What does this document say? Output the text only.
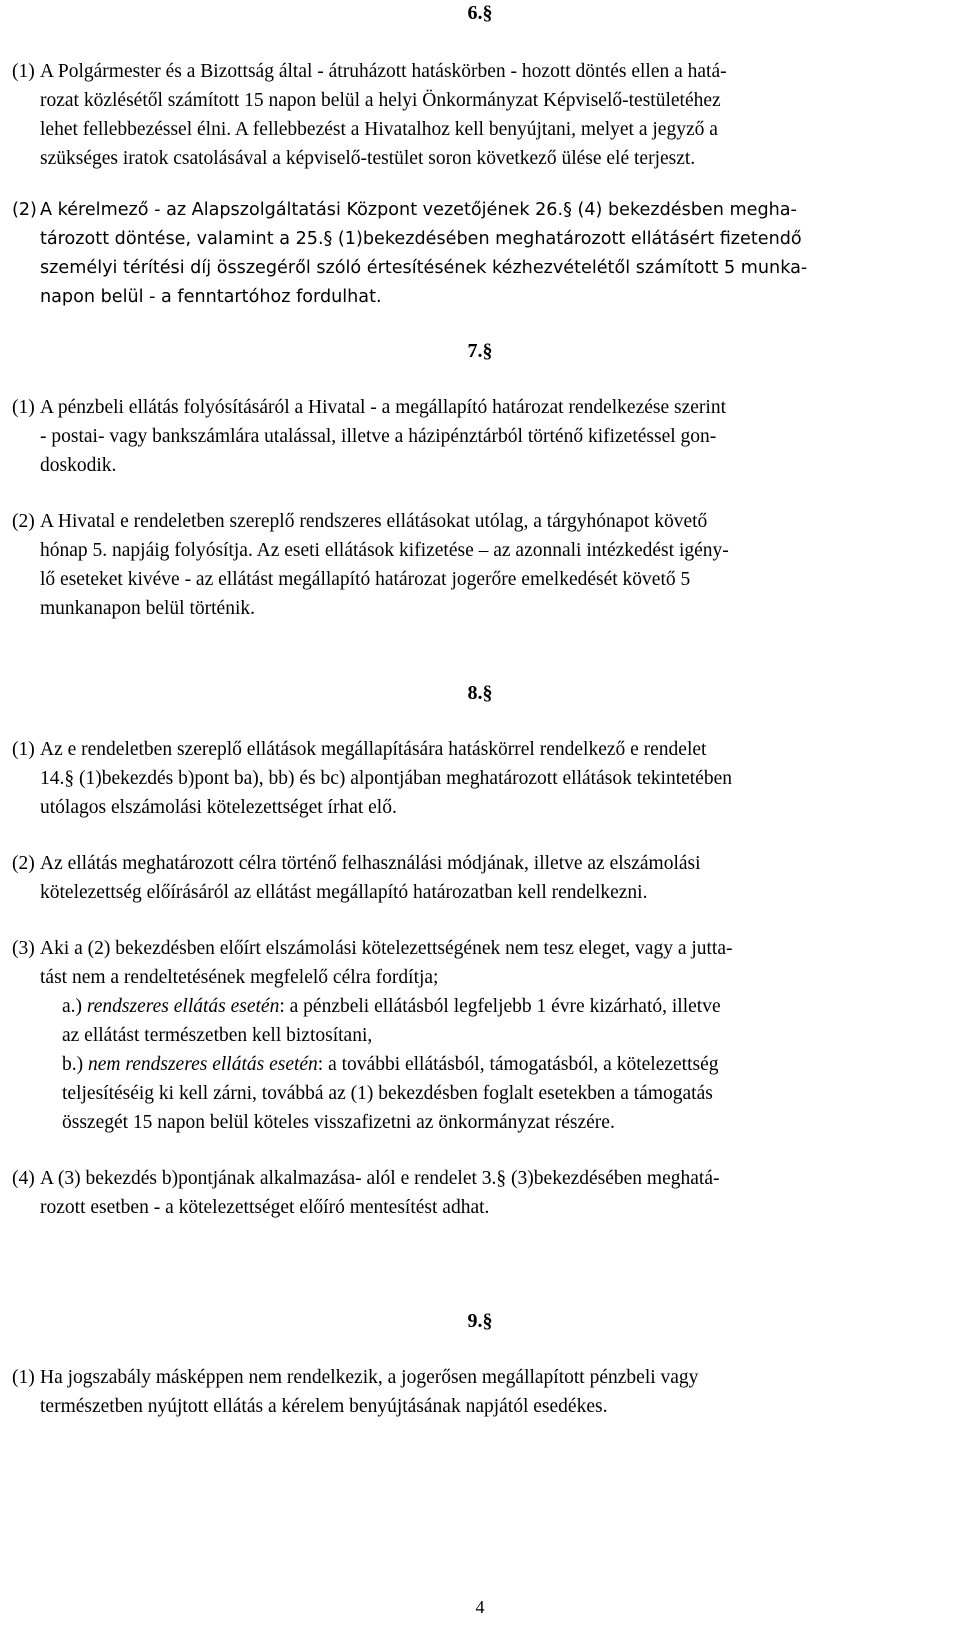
6.§
(1) A Polgármester és a Bizottság által - átruházott hatáskörben - hozott döntés ellen a hatá-
rozat közlésétől számított 15 napon belül a helyi Önkormányzat Képviselő-testületéhez
lehet fellebbezéssel élni. A fellebbezést a Hivatalhoz kell benyújtani, melyet a jegyző a
szükséges iratok csatolásával a képviselő-testület soron következő ülése elé terjeszt.
(2) A kérelmező - az Alapszolgáltatási Központ vezetőjének 26.§ (4) bekezdésben megha-
tározott döntése, valamint a 25.§ (1)bekezdésében meghatározott ellátásért fizetendő
személyi térítési díj összegéről szóló értesítésének kézhezvételétől számított 5 munka-
napon belül - a fenntartóhoz fordulhat.
7.§
(1) A pénzbeli ellátás folyósításáról a Hivatal - a megállapító határozat rendelkezése szerint
- postai- vagy bankszámlára utalással, illetve a házipénztárból történő kifizetéssel gon-
doskodik.
(2) A Hivatal e rendeletben szereplő rendszeres ellátásokat utólag, a tárgyhónapot követő
hónap 5. napjáig folyósítja. Az eseti ellátások kifizetése – az azonnali intézkedést igény-
lő eseteket kivéve - az ellátást megállapító határozat jogerőre emelkedését követő 5
munkanapon belül történik.
8.§
(1) Az e rendeletben szereplő ellátások megállapítására hatáskörrel rendelkező e rendelet
14.§ (1)bekezdés b)pont ba), bb) és bc) alpontjában meghatározott ellátások tekintetében
utólagos elszámolási kötelezettséget írhat elő.
(2) Az ellátás meghatározott célra történő felhasználási módjának, illetve az elszámolási
kötelezettség előírásáról az ellátást megállapító határozatban kell rendelkezni.
(3) Aki a (2) bekezdésben előírt elszámolási kötelezettségének nem tesz eleget, vagy a jutta-
tást nem a rendeltetésének megfelelő célra fordítja;
a.) rendszeres ellátás esetén: a pénzbeli ellátásból legfeljebb 1 évre kizárható, illetve
az ellátást természetben kell biztosítani,
b.) nem rendszeres ellátás esetén: a további ellátásból, támogatásból, a kötelezettség
teljesítéséig ki kell zárni, továbbá az (1) bekezdésben foglalt esetekben a támogatás
összegét 15 napon belül köteles visszafizetni az önkormányzat részére.
(4) A (3) bekezdés b)pontjának alkalmazása- alól e rendelet 3.§ (3)bekezdésében meghatá-
rozott esetben - a kötelezettséget előíró mentesítést adhat.
9.§
(1) Ha jogszabály másképpen nem rendelkezik, a jogerősen megállapított pénzbeli vagy
természetben nyújtott ellátás a kérelem benyújtásának napjától esedékes.
4
